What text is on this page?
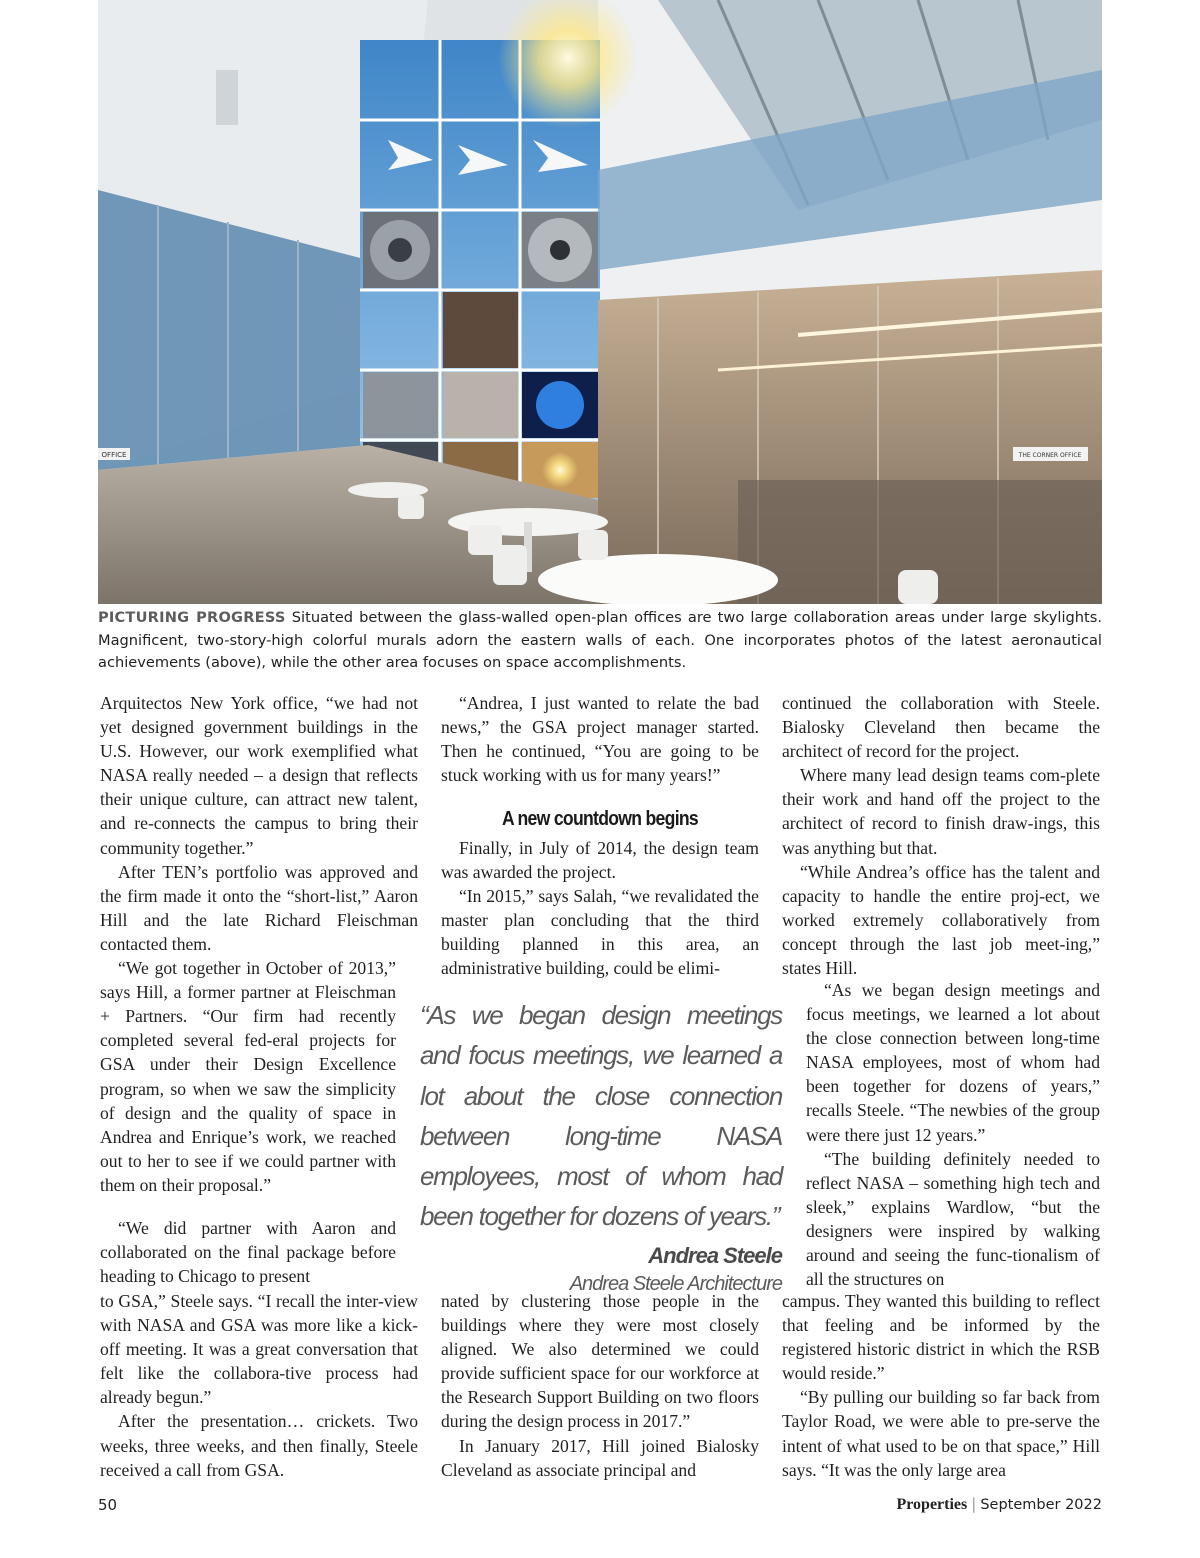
THE CORNER OFFICE
OFFICE
PICTURING PROGRESS Situated between the glass-walled open-plan offices are two large collaboration areas under large skylights. Magnificent, two-story-high colorful murals adorn the eastern walls of each. One incorporates photos of the latest aeronautical achievements (above), while the other area focuses on space accomplishments.

Arquitectos New York office, “we had not yet designed government buildings in the U.S. However, our work exemplified what NASA really needed – a design that reflects their unique culture, can attract new talent, and re-connects the campus to bring their community together.”

After TEN’s portfolio was approved and the firm made it onto the “short-list,” Aaron Hill and the late Richard Fleischman contacted them.

“We got together in October of 2013,” says Hill, a former partner at Fleischman + Partners. “Our firm had recently completed several fed-eral projects for GSA under their Design Excellence program, so when we saw the simplicity of design and the quality of space in Andrea and Enrique’s work, we reached out to her to see if we could partner with them on their proposal.”

“We did partner with Aaron and collaborated on the final package before heading to Chicago to present

to GSA,” Steele says. “I recall the inter-view with NASA and GSA was more like a kick-off meeting. It was a great conversation that felt like the collabora-tive process had already begun.”

After the presentation… crickets. Two weeks, three weeks, and then finally, Steele received a call from GSA.

“Andrea, I just wanted to relate the bad news,” the GSA project manager started. Then he continued, “You are going to be stuck working with us for many years!”

A new countdown begins

Finally, in July of 2014, the design team was awarded the project.

“In 2015,” says Salah, “we revalidated the master plan concluding that the third building planned in this area, an administrative building, could be elimi-

nated by clustering those people in the buildings where they were most closely aligned. We also determined we could provide sufficient space for our workforce at the Research Support Building on two floors during the design process in 2017.”

In January 2017, Hill joined Bialosky Cleveland as associate principal and

“As we began design meetings and focus meetings, we learned a lot about the close connection between long-time NASA employees, most of whom had been together for dozens of years.”
Andrea Steele
Andrea Steele Architecture

continued the collaboration with Steele. Bialosky Cleveland then became the architect of record for the project.

Where many lead design teams com-plete their work and hand off the project to the architect of record to finish draw-ings, this was anything but that.

“While Andrea’s office has the talent and capacity to handle the entire proj-ect, we worked extremely collaboratively from concept through the last job meet-ing,” states Hill.

“As we began design meetings and focus meetings, we learned a lot about the close connection between long-time NASA employees, most of whom had been together for dozens of years,” recalls Steele. “The newbies of the group were there just 12 years.”

“The building definitely needed to reflect NASA – something high tech and sleek,” explains Wardlow, “but the designers were inspired by walking around and seeing the func-tionalism of all the structures on

campus. They wanted this building to reflect that feeling and be informed by the registered historic district in which the RSB would reside.”

“By pulling our building so far back from Taylor Road, we were able to pre-serve the intent of what used to be on that space,” Hill says. “It was the only large area

50	Properties | September 2022
